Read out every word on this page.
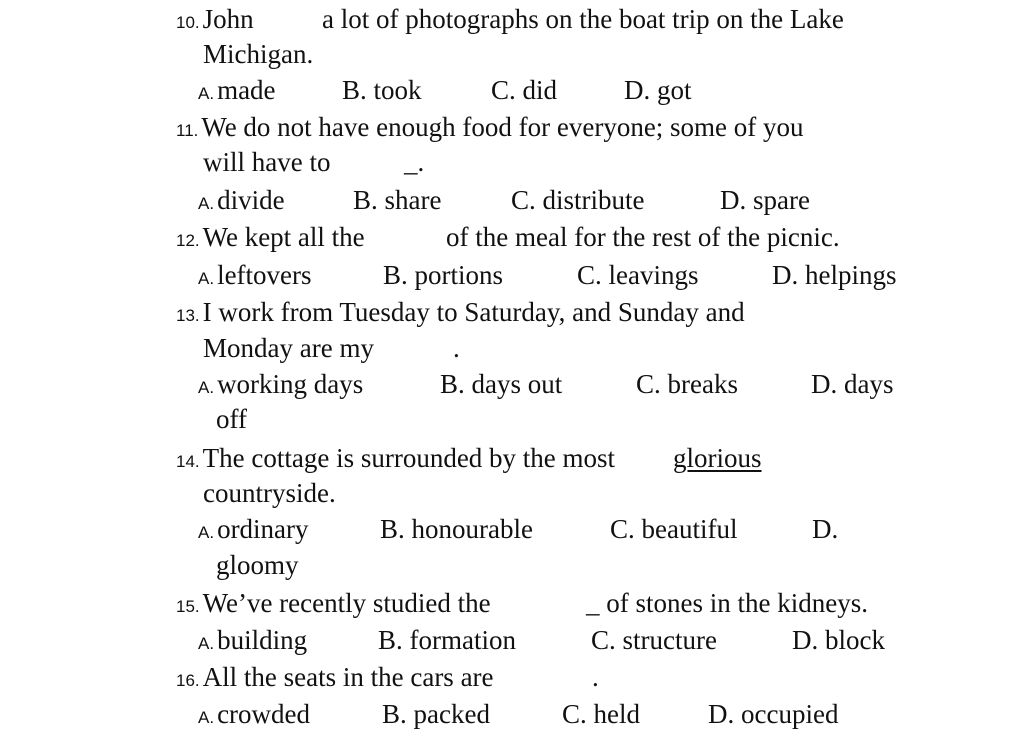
10. John	a lot of photographs on the boat trip on the Lake
Michigan.
A. made B. took	C. did D. got
11. We do not have enough food for everyone; some of you
will have to	_.
A. divide	B. share	C. distribute	D. spare
12. We kept all the	of the meal for the rest of the picnic.
A. leftovers	B. portions	C. leavings	D. helpings
13. I work from Tuesday to Saturday, and Sunday and
Monday are my	.
A. working days	B. days out	C. breaks	D. days
off
14. The cottage is surrounded by the most glorious
countryside.
A. ordinary	B. honourable	C. beautiful	D.
gloomy
15. We’ve recently studied the	_ of stones in the kidneys.
A. building	B. formation	C. structure	D. block
16. All the seats in the cars are	.
A. crowded	B. packed	C. held	D. occupied
